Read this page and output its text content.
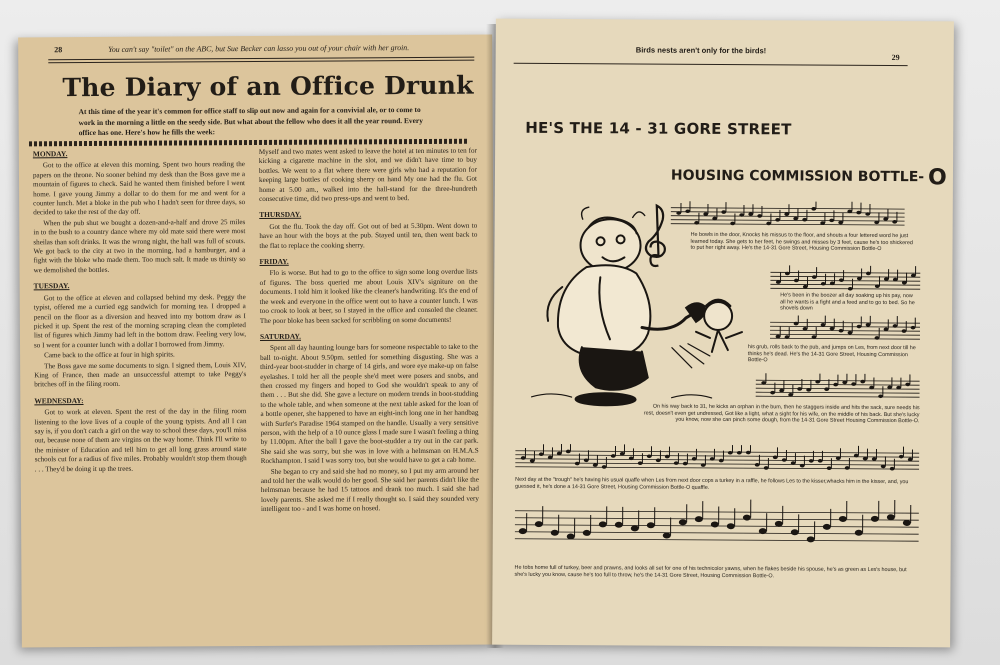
28	You can't say "toilet" on the ABC, but Sue Becker can lasso you out of your chair with her groin.
The Diary of an Office Drunk
At this time of the year it's common for office staff to slip out now and again for a convivial ale, or to come to work in the morning a little on the seedy side. But what about the fellow who does it all the year round. Every office has one. Here's how he fills the week:
MONDAY.

Got to the office at eleven this morning. Spent two hours reading the papers on the throne. No sooner behind my desk than the Boss gave me a mountain of figures to check. Said he wanted them finished before I went home. I gave young Jimmy a dollar to do them for me and went for a counter lunch. Met a bloke in the pub who I hadn't seen for three days, so decided to take the rest of the day off.

When the pub shut we bought a dozen-and-a-half and drove 25 miles in to the bush to a country dance where my old mate said there were most sheilas than soft drinks. It was the wrong night, the hall was full of scouts. We got back to the city at two in the morning, had a hamburger, and a fight with the bloke who made them. Too much salt. It made us thirsty so we demolished the bottles.

TUESDAY.

Got to the office at eleven and collapsed behind my desk. Peggy the typist, offered me a curried egg sandwich for morning tea. I dropped a pencil on the floor as a diversion and heaved into my bottom draw as I picked it up. Spent the rest of the morning scraping clean the completed list of figures which Jimmy had left in the bottom draw. Feeling very low, so I went for a counter lunch with a dollar I borrowed from Jimmy.

Came back to the office at four in high spirits.

The Boss gave me some documents to sign. I signed them, Louis XIV, King of France, then made an unsuccessful attempt to take Peggy's britches off in the filing room.

WEDNESDAY:

Got to work at eleven. Spent the rest of the day in the filing room listening to the love lives of a couple of the young typists. And all I can say is, if you don't catch a girl on the way to school these days, you'll miss out, because none of them are virgins on the way home. Think I'll write to the minister of Education and tell him to get all long grass around state schools cut for a radius of five miles. Probably wouldn't stop them though . . . They'd be doing it up the trees.

Myself and two mates went asked to leave the hotel at ten minutes to ten for kicking a cigarette machine in the slot, and we didn't have time to buy bottles. We went to a flat where there were girls who had a reputation for keeping large bottles of cooking sherry on hand My one had the flu. Got home at 5.00 am., walked into the hall-stand for the three-hundreth consecutive time, did two press-ups and went to bed.

THURSDAY.

Got the flu. Took the day off. Got out of bed at 5.30pm. Went down to have an hour with the boys at the pub. Stayed until ten, then went back to the flat to replace the cooking sherry.

FRIDAY.

Flo is worse. But had to go to the office to sign some long overdue lists of figures. The boss queried me about Louis XIV's signiture on the documents. I told him it looked like the cleaner's handwriting. It's the end of the week and everyone in the office went out to have a counter lunch. I was too crook to look at beer, so I stayed in the office and consoled the cleaner. The poor bloke has been sacked for scribbling on some documents!

SATURDAY.

Spent all day haunting lounge bars for someone respectable to take to the ball to-night. About 9.50pm. settled for something disgusting. She was a third-year boot-studder in charge of 14 girls, and wore eye make-up on false eyelashes. I told her all the people she'd meet were posers and snobs, and then crossed my fingers and hoped to God she wouldn't speak to any of them . . . But she did. She gave a lecture on modern trends in boot-studding to the whole table, and when someone at the next table asked for the loan of a bottle opener, she happened to have an eight-inch long one in her handbag with Surfer's Paradise 1964 stamped on the handle. Usually a very sensitive person, with the help of a 10 ounce glass I made sure I wasn't feeling a thing by 11.00pm. After the ball I gave the boot-studder a try out in the car park. She said she was sorry, but she was in love with a helmsman on H.M.A.S Rockhampton. I said I was sorry too, but she would have to get a cab home.

She began to cry and said she had no money, so I put my arm around her and told her the walk would do her good. She said her parents didn't like the helmsman because he had 15 tattoos and drank too much. I said she had lovely parents. She asked me if I really thought so. I said they sounded very intelligent too - and I was home on hosed.

Birds nests aren't only for the birds!
29
HE'S THE 14 - 31 GORE STREET
HOUSING COMMISSION BOTTLE- O
He bowls in the door, Knocks his missus to the floor, and shouts a four lettered word he just learned today. She gets to her feet, he swings and misses by 3 feet, cause he's too shickered to put her right away. He's the 14-31 Gore Street, Housing Commission Bottle-O
He's been in the boozer all day soaking up his pay, now all he wants is a fight and a feed and to go to bed. So he shovels down
his grub, rolls back to the pub, and jumps on Les, from next door till he thinks he's dead. He's the 14-31 Gore Street, Housing Commission Bottle-O
On his way back to 31, he kicks an orphan in the bum, then he staggers inside and hits the sack, sure needs his rest, doesn't even get undressed, Got like a light, what a sight for his wife, on the middle of his back. But she's lucky you know, now she can pinch some dough, from the 14-31 Gore Street Housing Commission Bottle-O.
Next day at the "trough" he's having his usual quaffe when Les from next door cops a turkey in a raffle, he follows Les to the kisser,whacks him in the kisser, and, you guessed it, he's done a 14-31 Gore Street, Housing Commission Bottle-O quaffle.
He tobs home full of turkey, beer and prawns, and looks all set for one of his technicolor yawns, when he flakes beside his spouse, he's as green as Les's house, but she's lucky you know, cause he's too full to throw, he's the 14-31 Gore Street, Housing Commission Bottle-O.
